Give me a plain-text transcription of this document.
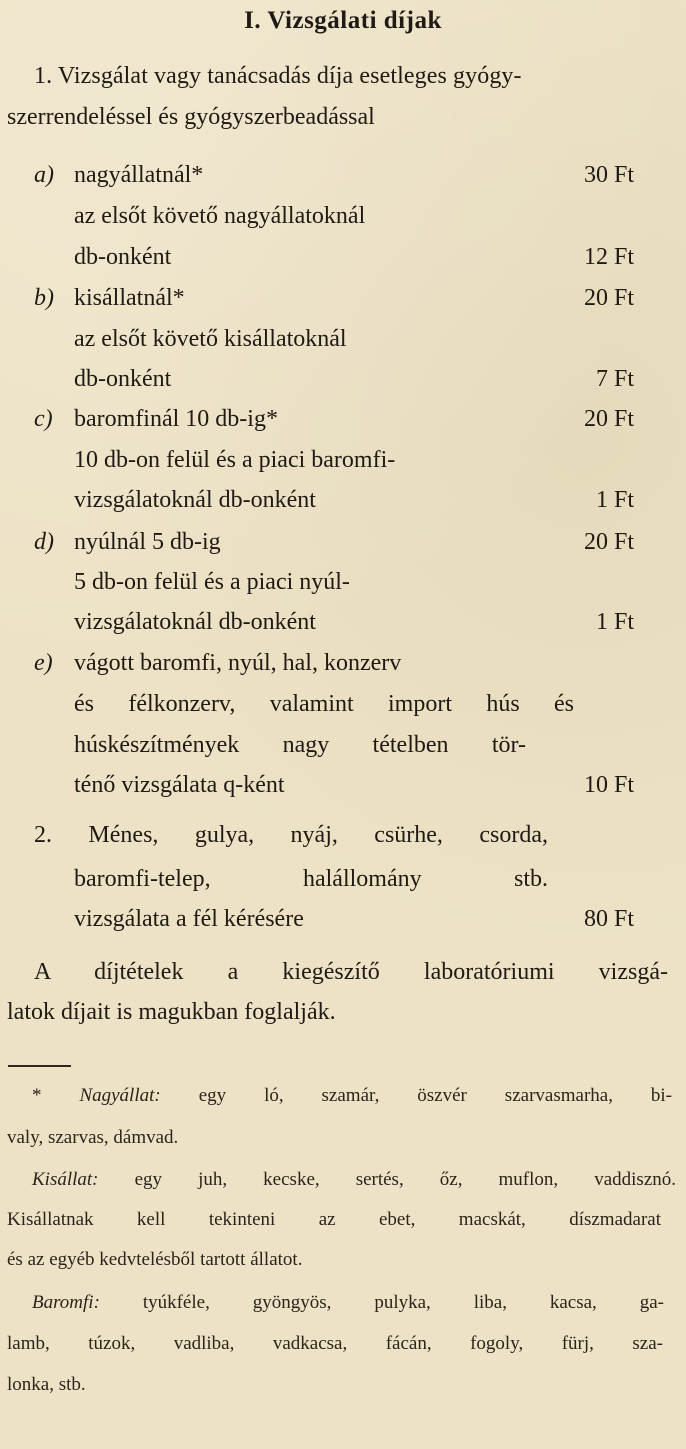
I. Vizsgálati díjak
1. Vizsgálat vagy tanácsadás díja esetleges gyógy-
szerrendeléssel és gyógyszerbeadással
a) nagyállatnál*	30 Ft
az elsőt követő nagyállatoknál
db-onként	12 Ft
b) kisállatnál*	20 Ft
az elsőt követő kisállatoknál
db-onként	7 Ft
c) baromfinál 10 db-ig*	20 Ft
10 db-on felül és a piaci baromfi-
vizsgálatoknál db-onként	1 Ft
d) nyúlnál 5 db-ig	20 Ft
5 db-on felül és a piaci nyúl-
vizsgálatoknál db-onként	1 Ft
e) vágott baromfi, nyúl, hal, konzerv
és félkonzerv, valamint import hús és
húskészítmények nagy tételben tör-
ténő vizsgálata q-ként	10 Ft
2. Ménes, gulya, nyáj, csürhe, csorda,
baromfi-telep, halállomány stb.
vizsgálata a fél kérésére	80 Ft
A díjtételek a kiegészítő laboratóriumi vizsgá-
latok díjait is magukban foglalják.
* Nagyállat: egy ló, szamár, öszvér szarvasmarha, bi-
valy, szarvas, dámvad.
Kisállat: egy juh, kecske, sertés, őz, muflon, vaddisznó.
Kisállatnak kell tekinteni az ebet, macskát, díszmadarat
és az egyéb kedvtelésből tartott állatot.
Baromfi: tyúkféle, gyöngyös, pulyka, liba, kacsa, ga-
lamb, túzok, vadliba, vadkacsa, fácán, fogoly, fürj, sza-
lonka, stb.
